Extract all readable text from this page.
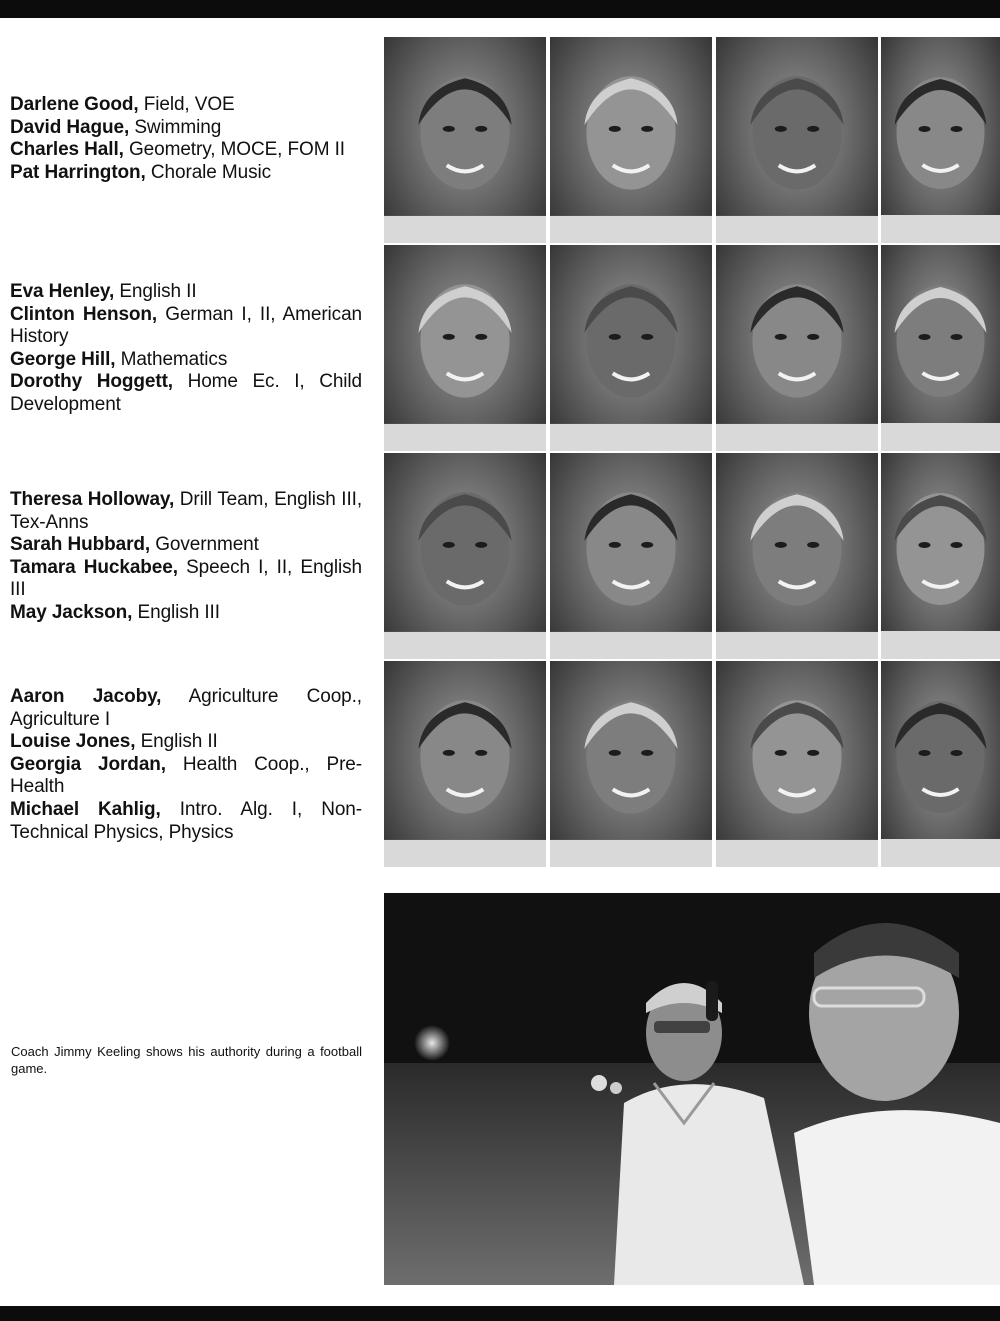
Darlene Good, Field, VOE

David Hague, Swimming

Charles Hall, Geometry, MOCE, FOM II

Pat Harrington, Chorale Music

Eva Henley, English II

Clinton Henson, German I, II, American History

George Hill, Mathematics

Dorothy Hoggett, Home Ec. I, Child Development

Theresa Holloway, Drill Team, English III, Tex-Anns

Sarah Hubbard, Government

Tamara Huckabee, Speech I, II, English III

May Jackson, English III

Aaron Jacoby, Agriculture Coop., Agriculture I

Louise Jones, English II

Georgia Jordan, Health Coop., Pre-Health

Michael Kahlig, Intro. Alg. I, Non-Technical Physics, Physics

Coach Jimmy Keeling shows his authority during a football game.
